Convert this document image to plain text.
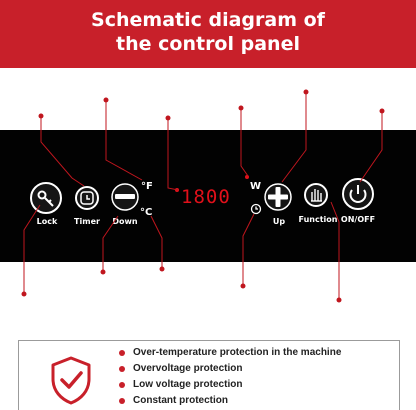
Schematic diagram of
the control panel
Lock Timer Down
°F
°C
1800 W
Up Function ON/OFF
Over-temperature protection in the machine
Overvoltage protection
Low voltage protection
Constant protection
